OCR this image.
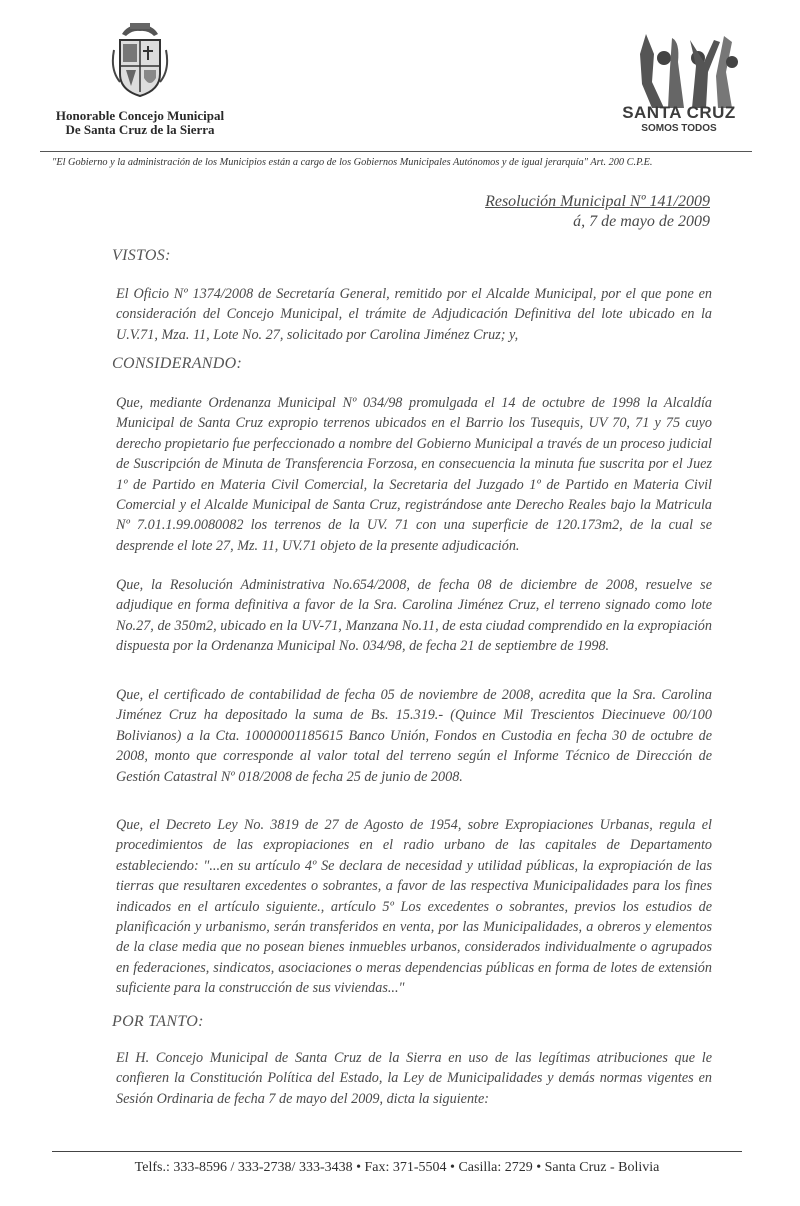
Honorable Concejo Municipal
De Santa Cruz de la Sierra
SANTA CRUZ
SOMOS TODOS
"El Gobierno y la administración de los Municipios están a cargo de los Gobiernos Municipales Autónomos y de igual jerarquía" Art. 200 C.P.E.
Resolución Municipal Nº 141/2009
á, 7 de mayo de 2009
VISTOS:
El Oficio Nº 1374/2008 de Secretaría General, remitido por el Alcalde Municipal, por el que pone en consideración del Concejo Municipal, el trámite de Adjudicación Definitiva del lote ubicado en la U.V.71, Mza. 11, Lote No. 27, solicitado por Carolina Jiménez Cruz; y,
CONSIDERANDO:
Que, mediante Ordenanza Municipal Nº 034/98 promulgada el 14 de octubre de 1998 la Alcaldía Municipal de Santa Cruz expropio terrenos ubicados en el Barrio los Tusequis, UV 70, 71 y 75 cuyo derecho propietario fue perfeccionado a nombre del Gobierno Municipal a través de un proceso judicial de Suscripción de Minuta de Transferencia Forzosa, en consecuencia la minuta fue suscrita por el Juez 1º de Partido en Materia Civil Comercial, la Secretaria del Juzgado 1º de Partido en Materia Civil Comercial y el Alcalde Municipal de Santa Cruz, registrándose ante Derecho Reales bajo la Matricula Nº 7.01.1.99.0080082 los terrenos de la UV. 71 con una superficie de 120.173m2, de la cual se desprende el lote 27, Mz. 11, UV.71 objeto de la presente adjudicación.
Que, la Resolución Administrativa No.654/2008, de fecha 08 de diciembre de 2008, resuelve se adjudique en forma definitiva a favor de la Sra. Carolina Jiménez Cruz, el terreno signado como lote No.27, de 350m2, ubicado en la UV-71, Manzana No.11, de esta ciudad comprendido en la expropiación dispuesta por la Ordenanza Municipal No. 034/98, de fecha 21 de septiembre de 1998.
Que, el certificado de contabilidad de fecha 05 de noviembre de 2008, acredita que la Sra. Carolina Jiménez Cruz ha depositado la suma de Bs. 15.319.- (Quince Mil Trescientos Diecinueve 00/100 Bolivianos) a la Cta. 10000001185615 Banco Unión, Fondos en Custodia en fecha 30 de octubre de 2008, monto que corresponde al valor total del terreno según el Informe Técnico de Dirección de Gestión Catastral Nº 018/2008 de fecha 25 de junio de 2008.
Que, el Decreto Ley No. 3819 de 27 de Agosto de 1954, sobre Expropiaciones Urbanas, regula el procedimientos de las expropiaciones en el radio urbano de las capitales de Departamento estableciendo: "...en su artículo 4º Se declara de necesidad y utilidad públicas, la expropiación de las tierras que resultaren excedentes o sobrantes, a favor de las respectiva Municipalidades para los fines indicados en el artículo siguiente., artículo 5º Los excedentes o sobrantes, previos los estudios de planificación y urbanismo, serán transferidos en venta, por las Municipalidades, a obreros y elementos de la clase media que no posean bienes inmuebles urbanos, considerados individualmente o agrupados en federaciones, sindicatos, asociaciones o meras dependencias públicas en forma de lotes de extensión suficiente para la construcción de sus viviendas..."
POR TANTO:
El H. Concejo Municipal de Santa Cruz de la Sierra en uso de las legítimas atribuciones que le confieren la Constitución Política del Estado, la Ley de Municipalidades y demás normas vigentes en Sesión Ordinaria de fecha 7 de mayo del 2009, dicta la siguiente:
Telfs.: 333-8596 / 333-2738/ 333-3438 • Fax: 371-5504 • Casilla: 2729 • Santa Cruz - Bolivia
